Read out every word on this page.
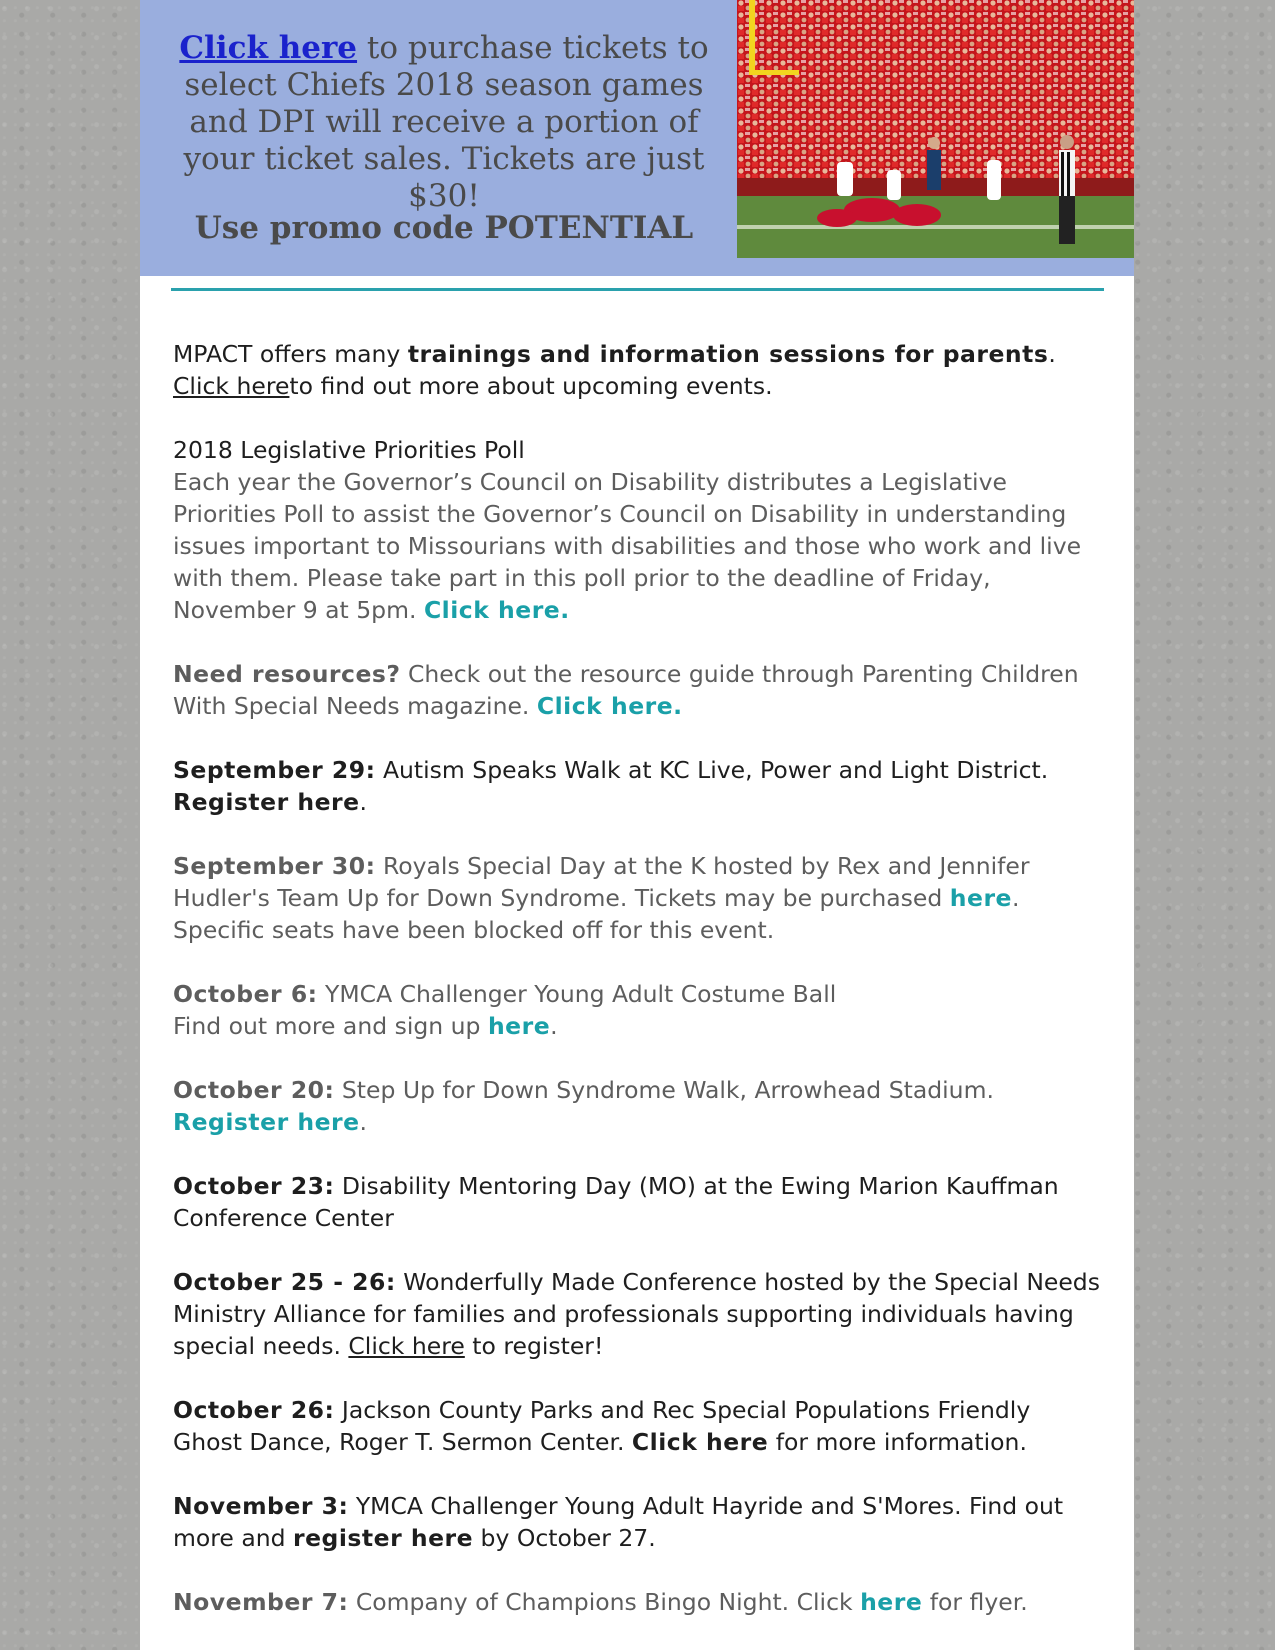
Click here to purchase tickets to select Chiefs 2018 season games and DPI will receive a portion of your ticket sales. Tickets are just $30!
Use promo code POTENTIAL

MPACT offers many trainings and information sessions for parents. Click hereto find out more about upcoming events.

2018 Legislative Priorities Poll
Each year the Governor’s Council on Disability distributes a Legislative Priorities Poll to assist the Governor’s Council on Disability in understanding issues important to Missourians with disabilities and those who work and live with them. Please take part in this poll prior to the deadline of Friday, November 9 at 5pm. Click here.

Need resources? Check out the resource guide through Parenting Children With Special Needs magazine. Click here.

September 29: Autism Speaks Walk at KC Live, Power and Light District. Register here.

September 30: Royals Special Day at the K hosted by Rex and Jennifer Hudler's Team Up for Down Syndrome. Tickets may be purchased here. Specific seats have been blocked off for this event.

October 6: YMCA Challenger Young Adult Costume Ball
Find out more and sign up here.

October 20: Step Up for Down Syndrome Walk, Arrowhead Stadium. Register here.

October 23: Disability Mentoring Day (MO) at the Ewing Marion Kauffman Conference Center

October 25 - 26: Wonderfully Made Conference hosted by the Special Needs Ministry Alliance for families and professionals supporting individuals having special needs. Click here to register!

October 26: Jackson County Parks and Rec Special Populations Friendly Ghost Dance, Roger T. Sermon Center. Click here for more information.

November 3: YMCA Challenger Young Adult Hayride and S'Mores. Find out more and register here by October 27.

November 7: Company of Champions Bingo Night. Click here for flyer.
